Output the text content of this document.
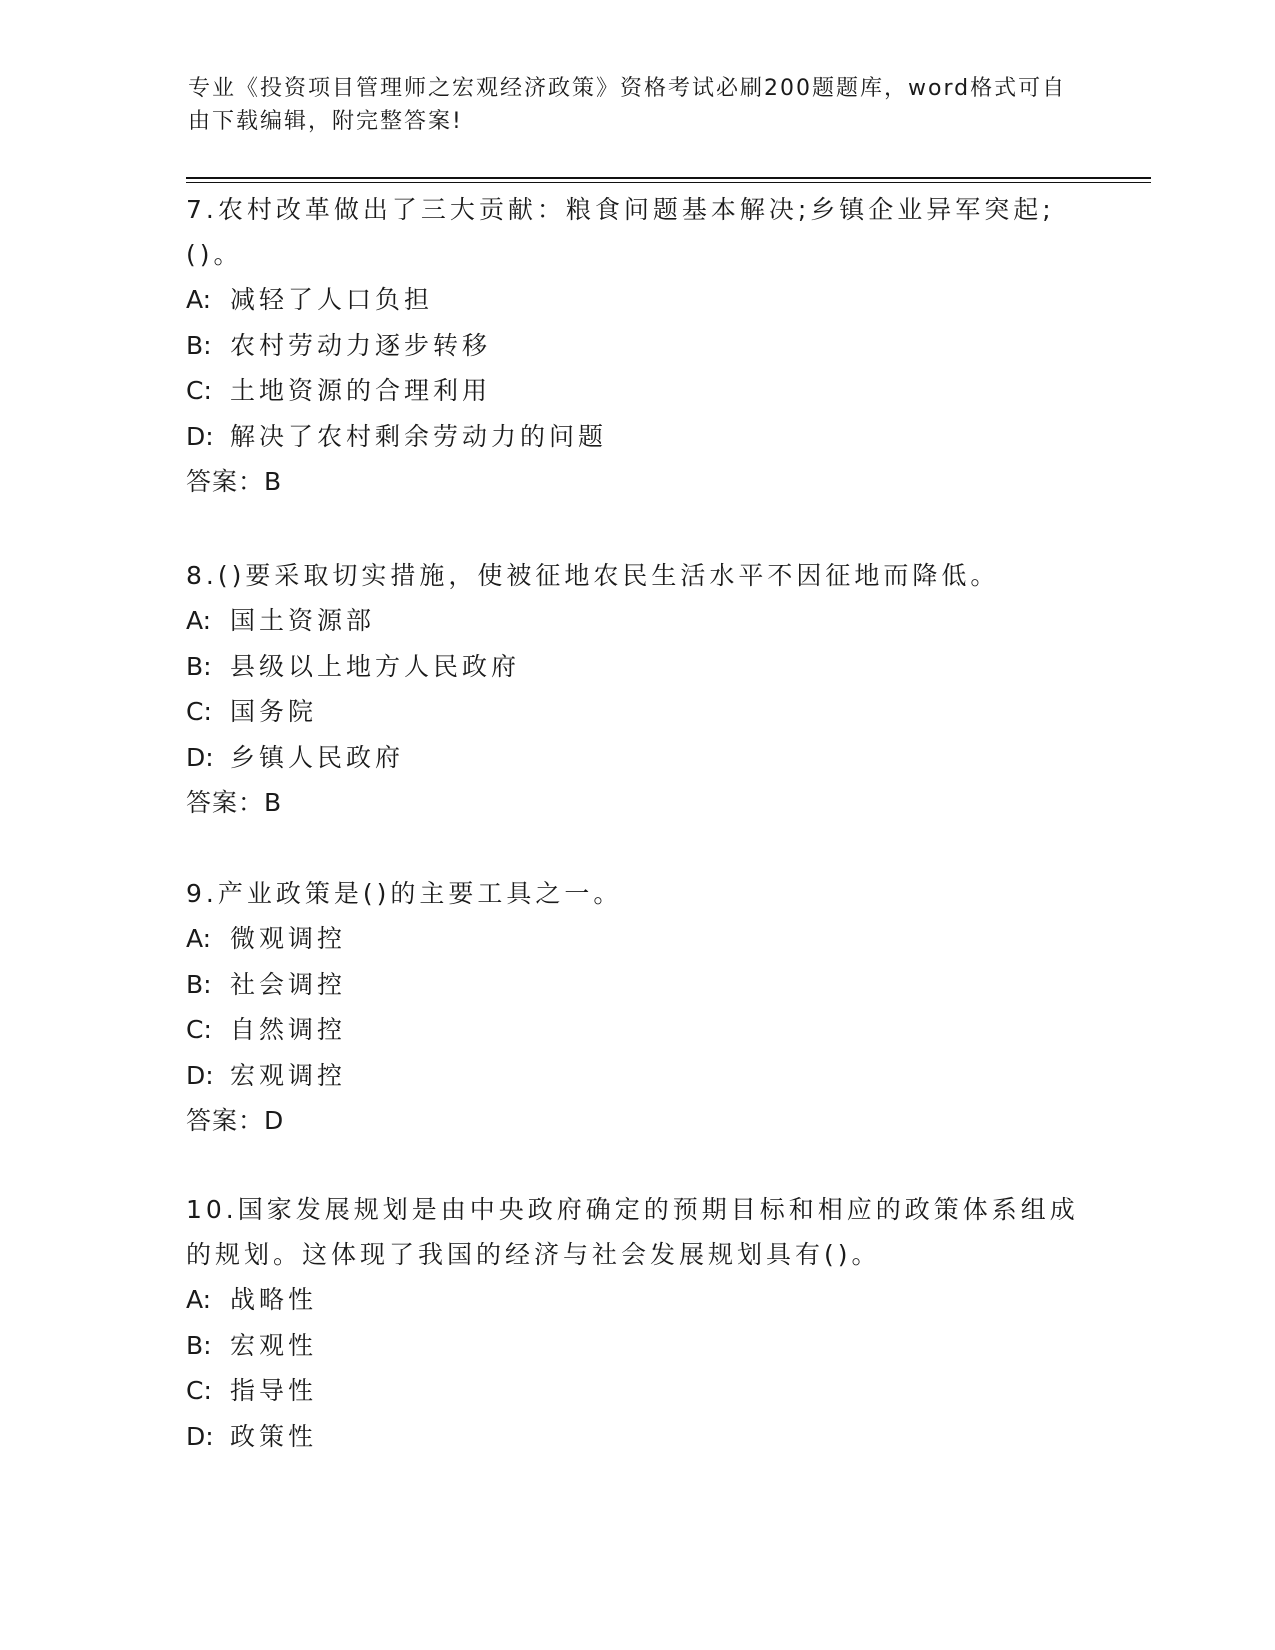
专业《投资项目管理师之宏观经济政策》资格考试必刷200题题库，word格式可自由下载编辑，附完整答案!

7.农村改革做出了三大贡献：粮食问题基本解决;乡镇企业异军突起;()。

A: 减轻了人口负担

B: 农村劳动力逐步转移

C: 土地资源的合理利用

D: 解决了农村剩余劳动力的问题

答案：B

8.()要采取切实措施，使被征地农民生活水平不因征地而降低。

A: 国土资源部

B: 县级以上地方人民政府

C: 国务院

D: 乡镇人民政府

答案：B

9.产业政策是()的主要工具之一。

A: 微观调控

B: 社会调控

C: 自然调控

D: 宏观调控

答案：D

10.国家发展规划是由中央政府确定的预期目标和相应的政策体系组成的规划。这体现了我国的经济与社会发展规划具有()。

A: 战略性

B: 宏观性

C: 指导性

D: 政策性
